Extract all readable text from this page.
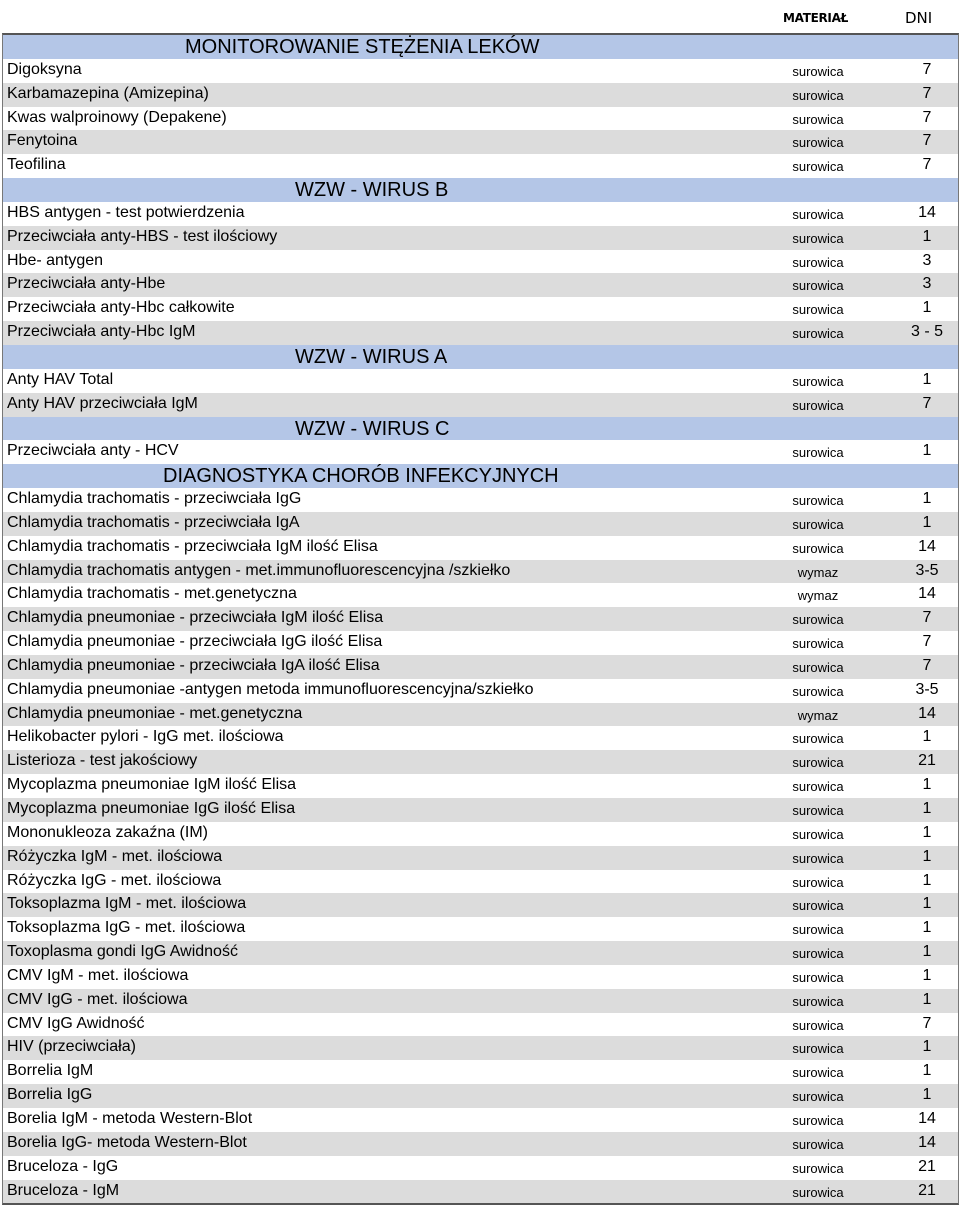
MATERIAŁ	DNI
MONITOROWANIE STĘŻENIA LEKÓW
Digoksyna	surowica	7
Karbamazepina (Amizepina)	surowica	7
Kwas walproinowy (Depakene)	surowica	7
Fenytoina	surowica	7
Teofilina	surowica	7
WZW - WIRUS B
HBS antygen - test potwierdzenia	surowica	14
Przeciwciała anty-HBS - test ilościowy	surowica	1
Hbe- antygen	surowica	3
Przeciwciała anty-Hbe	surowica	3
Przeciwciała anty-Hbc całkowite	surowica	1
Przeciwciała anty-Hbc IgM	surowica	3 - 5
WZW - WIRUS A
Anty HAV Total	surowica	1
Anty HAV przeciwciała IgM	surowica	7
WZW - WIRUS C
Przeciwciała anty - HCV	surowica	1
DIAGNOSTYKA CHORÓB INFEKCYJNYCH
Chlamydia trachomatis - przeciwciała IgG	surowica	1
Chlamydia trachomatis - przeciwciała IgA	surowica	1
Chlamydia trachomatis - przeciwciała IgM ilość Elisa	surowica	14
Chlamydia trachomatis antygen - met.immunofluorescencyjna /szkiełko	wymaz	3-5
Chlamydia trachomatis - met.genetyczna	wymaz	14
Chlamydia pneumoniae - przeciwciała IgM ilość Elisa	surowica	7
Chlamydia pneumoniae - przeciwciała IgG ilość Elisa	surowica	7
Chlamydia pneumoniae - przeciwciała IgA ilość Elisa	surowica	7
Chlamydia pneumoniae -antygen metoda immunofluorescencyjna/szkiełko	surowica	3-5
Chlamydia pneumoniae - met.genetyczna	wymaz	14
Helikobacter pylori - IgG met. ilościowa	surowica	1
Listerioza - test jakościowy	surowica	21
Mycoplazma pneumoniae IgM ilość Elisa	surowica	1
Mycoplazma pneumoniae IgG ilość Elisa	surowica	1
Mononukleoza zakaźna (IM)	surowica	1
Różyczka IgM - met. ilościowa	surowica	1
Różyczka IgG - met. ilościowa	surowica	1
Toksoplazma IgM - met. ilościowa	surowica	1
Toksoplazma IgG - met. ilościowa	surowica	1
Toxoplasma gondi IgG Awidność	surowica	1
CMV IgM - met. ilościowa	surowica	1
CMV IgG - met. ilościowa	surowica	1
CMV IgG Awidność	surowica	7
HIV (przeciwciała)	surowica	1
Borrelia IgM	surowica	1
Borrelia IgG	surowica	1
Borelia IgM - metoda Western-Blot	surowica	14
Borelia IgG- metoda Western-Blot	surowica	14
Bruceloza - IgG	surowica	21
Bruceloza - IgM	surowica	21
